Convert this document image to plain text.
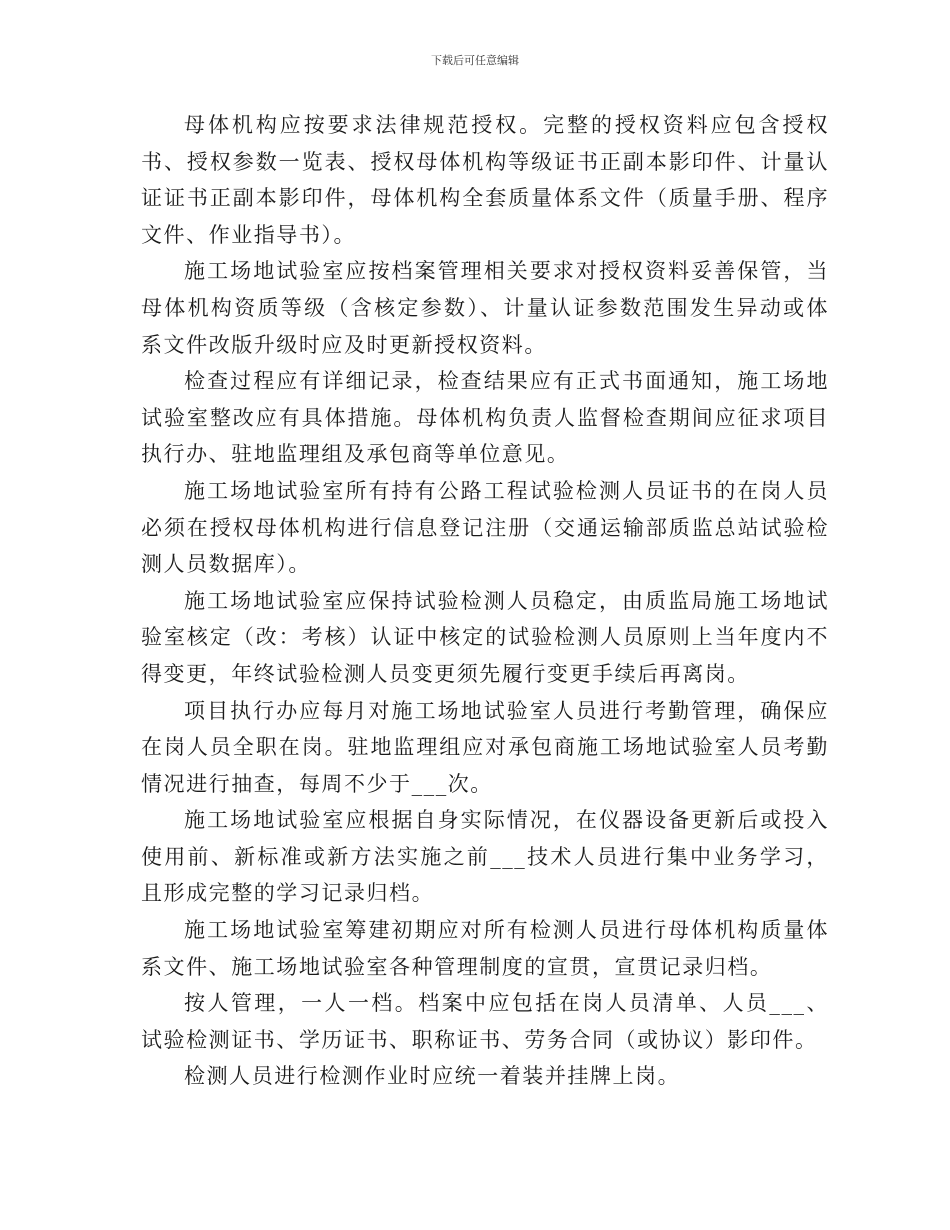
下载后可任意编辑

母体机构应按要求法律规范授权。完整的授权资料应包含授权书、授权参数一览表、授权母体机构等级证书正副本影印件、计量认证证书正副本影印件，母体机构全套质量体系文件（质量手册、程序文件、作业指导书）。

施工场地试验室应按档案管理相关要求对授权资料妥善保管，当母体机构资质等级（含核定参数）、计量认证参数范围发生异动或体系文件改版升级时应及时更新授权资料。

检查过程应有详细记录，检查结果应有正式书面通知，施工场地试验室整改应有具体措施。母体机构负责人监督检查期间应征求项目执行办、驻地监理组及承包商等单位意见。

施工场地试验室所有持有公路工程试验检测人员证书的在岗人员必须在授权母体机构进行信息登记注册（交通运输部质监总站试验检测人员数据库）。

施工场地试验室应保持试验检测人员稳定，由质监局施工场地试验室核定（改：考核）认证中核定的试验检测人员原则上当年度内不得变更，年终试验检测人员变更须先履行变更手续后再离岗。

项目执行办应每月对施工场地试验室人员进行考勤管理，确保应在岗人员全职在岗。驻地监理组应对承包商施工场地试验室人员考勤情况进行抽查，每周不少于___次。

施工场地试验室应根据自身实际情况，在仪器设备更新后或投入使用前、新标准或新方法实施之前___技术人员进行集中业务学习，且形成完整的学习记录归档。

施工场地试验室筹建初期应对所有检测人员进行母体机构质量体系文件、施工场地试验室各种管理制度的宣贯，宣贯记录归档。

按人管理，一人一档。档案中应包括在岗人员清单、人员___、试验检测证书、学历证书、职称证书、劳务合同（或协议）影印件。

检测人员进行检测作业时应统一着装并挂牌上岗。
